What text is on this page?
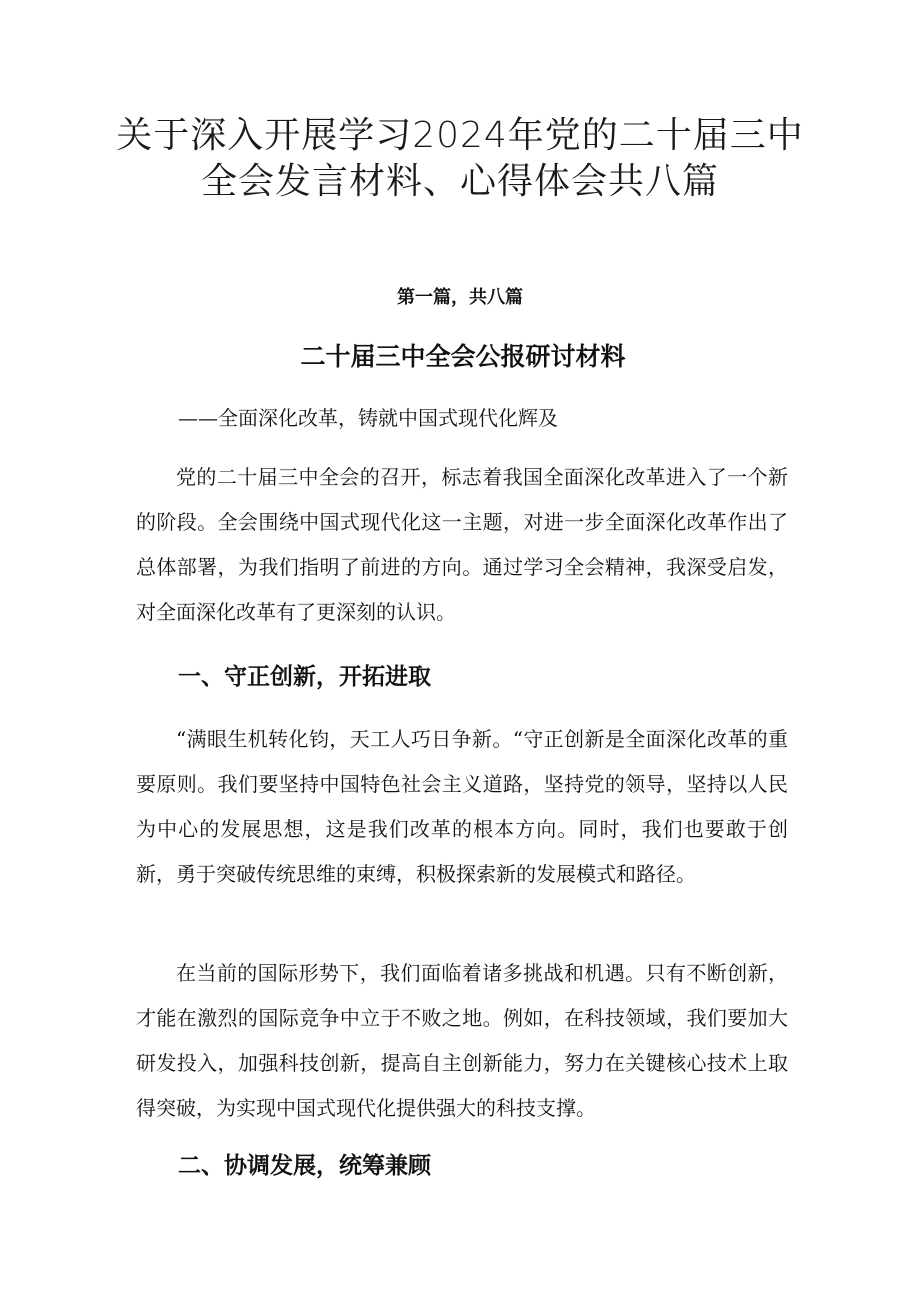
关于深入开展学习2024年党的二十届三中
全会发言材料、心得体会共八篇
第一篇，共八篇
二十届三中全会公报研讨材料
——全面深化改革，铸就中国式现代化辉及

党的二十届三中全会的召开，标志着我国全面深化改革进入了一个新的阶段。全会围绕中国式现代化这一主题，对进一步全面深化改革作出了总体部署，为我们指明了前进的方向。通过学习全会精神，我深受启发，对全面深化改革有了更深刻的认识。

一、守正创新，开拓进取

“满眼生机转化钧，天工人巧日争新。“守正创新是全面深化改革的重要原则。我们要坚持中国特色社会主义道路，坚持党的领导，坚持以人民为中心的发展思想，这是我们改革的根本方向。同时，我们也要敢于创新，勇于突破传统思维的束缚，积极探索新的发展模式和路径。

在当前的国际形势下，我们面临着诸多挑战和机遇。只有不断创新，才能在激烈的国际竞争中立于不败之地。例如，在科技领域，我们要加大研发投入，加强科技创新，提高自主创新能力，努力在关键核心技术上取得突破，为实现中国式现代化提供强大的科技支撑。

二、协调发展，统筹兼顾
